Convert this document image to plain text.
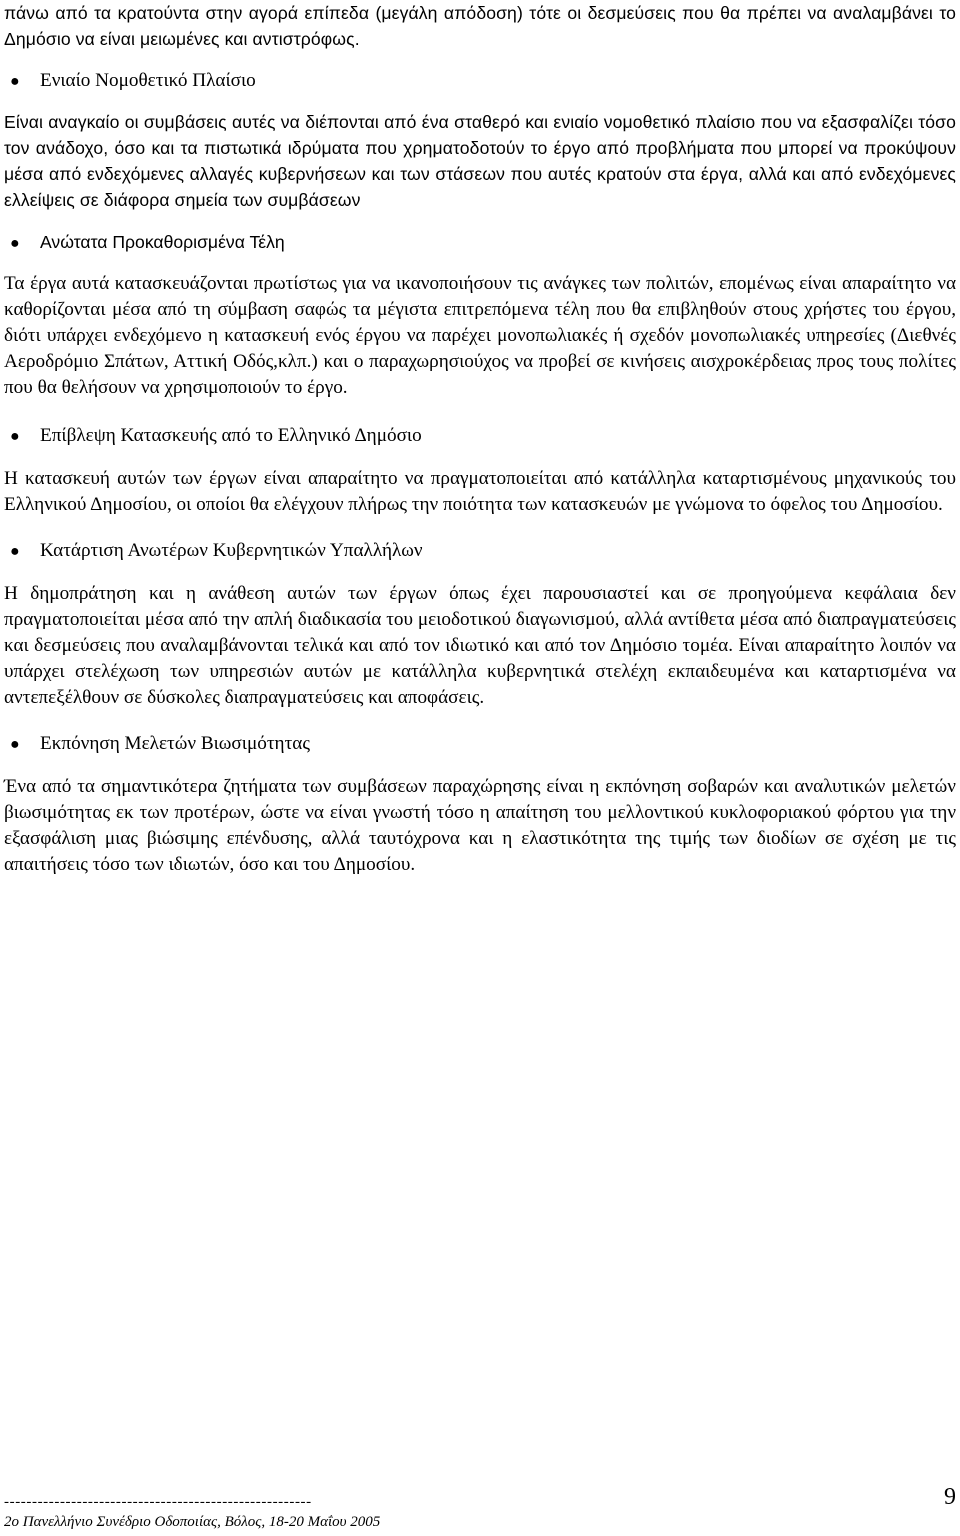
πάνω από τα κρατούντα στην αγορά επίπεδα (μεγάλη απόδοση) τότε οι δεσμεύσεις που θα πρέπει να αναλαμβάνει το Δημόσιο να είναι μειωμένες και αντιστρόφως.

●	Ενιαίο Νομοθετικό Πλαίσιο

Είναι αναγκαίο οι συμβάσεις αυτές να διέπονται από ένα σταθερό και ενιαίο νομοθετικό πλαίσιο που να εξασφαλίζει τόσο τον ανάδοχο, όσο και τα πιστωτικά ιδρύματα που χρηματοδοτούν το έργο από προβλήματα που μπορεί να προκύψουν μέσα από ενδεχόμενες αλλαγές κυβερνήσεων και των στάσεων που αυτές κρατούν στα έργα, αλλά και από ενδεχόμενες ελλείψεις σε διάφορα σημεία των συμβάσεων

●	Ανώτατα Προκαθορισμένα Τέλη

Τα έργα αυτά κατασκευάζονται πρωτίστως για να ικανοποιήσουν τις ανάγκες των πολιτών, επομένως είναι απαραίτητο να καθορίζονται μέσα από τη σύμβαση σαφώς τα μέγιστα επιτρεπόμενα τέλη που θα επιβληθούν στους χρήστες του έργου, διότι υπάρχει ενδεχόμενο η κατασκευή ενός έργου να παρέχει μονοπωλιακές ή σχεδόν μονοπωλιακές υπηρεσίες (Διεθνές Αεροδρόμιο Σπάτων, Αττική Οδός,κλπ.) και ο παραχωρησιούχος να προβεί σε κινήσεις αισχροκέρδειας προς τους πολίτες που θα θελήσουν να χρησιμοποιούν το έργο.

●	Επίβλεψη Κατασκευής από το Ελληνικό Δημόσιο

Η κατασκευή αυτών των έργων είναι απαραίτητο να πραγματοποιείται από κατάλληλα καταρτισμένους μηχανικούς του Ελληνικού Δημοσίου, οι οποίοι θα ελέγχουν πλήρως την ποιότητα των κατασκευών με γνώμονα το όφελος του Δημοσίου.

●	Κατάρτιση Ανωτέρων Κυβερνητικών Υπαλλήλων

Η δημοπράτηση και η ανάθεση αυτών των έργων όπως έχει παρουσιαστεί και σε προηγούμενα κεφάλαια δεν πραγματοποιείται μέσα από την απλή διαδικασία του μειοδοτικού διαγωνισμού, αλλά αντίθετα μέσα από διαπραγματεύσεις και δεσμεύσεις που αναλαμβάνονται τελικά και από τον ιδιωτικό και από τον Δημόσιο τομέα. Είναι απαραίτητο λοιπόν να υπάρχει στελέχωση των υπηρεσιών αυτών με κατάλληλα κυβερνητικά στελέχη εκπαιδευμένα και καταρτισμένα να αντεπεξέλθουν σε δύσκολες διαπραγματεύσεις και αποφάσεις.

●	Εκπόνηση Μελετών Βιωσιμότητας

Ένα από τα σημαντικότερα ζητήματα των συμβάσεων παραχώρησης είναι η εκπόνηση σοβαρών και αναλυτικών μελετών βιωσιμότητας εκ των προτέρων, ώστε να είναι γνωστή τόσο η απαίτηση του μελλοντικού κυκλοφοριακού φόρτου για την εξασφάλιση μιας βιώσιμης επένδυσης, αλλά ταυτόχρονα και η ελαστικότητα της τιμής των διοδίων σε σχέση με τις απαιτήσεις τόσο των ιδιωτών, όσο και του Δημοσίου.

-------------------------------------------------------
2ο Πανελλήνιο Συνέδριο Οδοποιίας, Βόλος, 18-20 Μαΐου 2005
9
